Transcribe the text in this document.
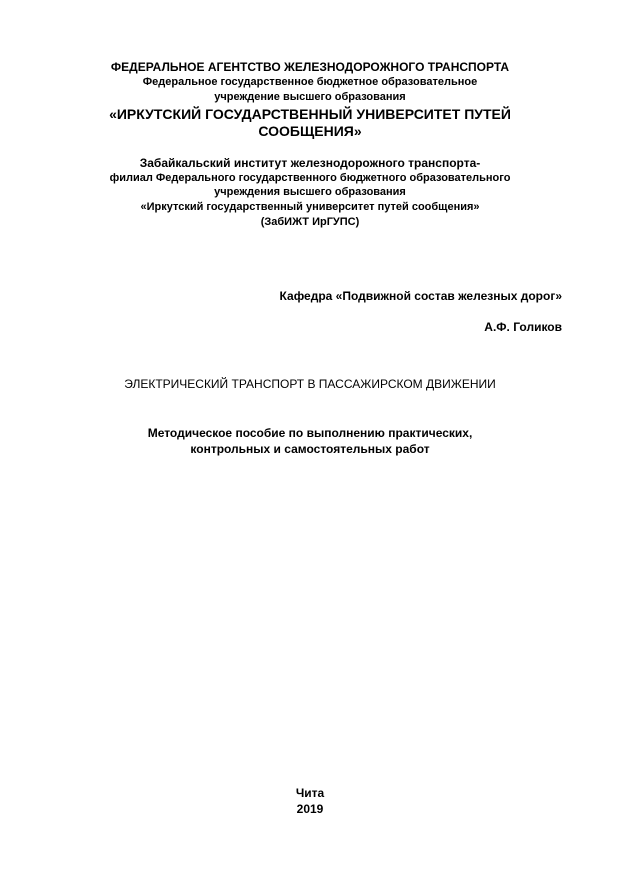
ФЕДЕРАЛЬНОЕ АГЕНТСТВО ЖЕЛЕЗНОДОРОЖНОГО ТРАНСПОРТА
Федеральное государственное бюджетное образовательное
учреждение высшего образования
«ИРКУТСКИЙ ГОСУДАРСТВЕННЫЙ УНИВЕРСИТЕТ ПУТЕЙ
СООБЩЕНИЯ»
Забайкальский институт железнодорожного транспорта-
филиал Федерального государственного бюджетного образовательного
учреждения высшего образования
«Иркутский государственный университет путей сообщения»
(ЗабИЖТ ИрГУПС)
Кафедра «Подвижной состав железных дорог»
А.Ф. Голиков
ЭЛЕКТРИЧЕСКИЙ ТРАНСПОРТ В ПАССАЖИРСКОМ ДВИЖЕНИИ
Методическое пособие по выполнению практических,
контрольных и самостоятельных работ
Чита
2019
